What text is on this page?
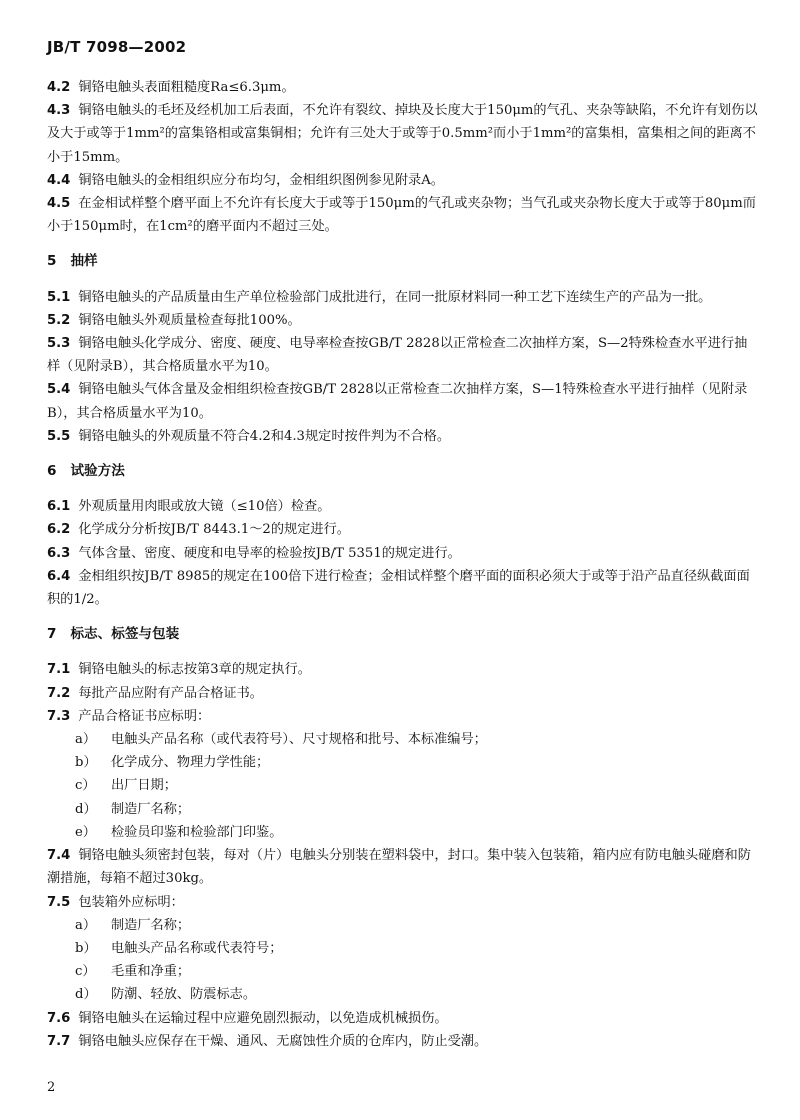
JB/T 7098—2002

4.2 铜铬电触头表面粗糙度Ra≤6.3μm。

4.3 铜铬电触头的毛坯及经机加工后表面，不允许有裂纹、掉块及长度大于150μm的气孔、夹杂等缺陷，不允许有划伤以及大于或等于1mm²的富集铬相或富集铜相；允许有三处大于或等于0.5mm²而小于1mm²的富集相，富集相之间的距离不小于15mm。

4.4 铜铬电触头的金相组织应分布均匀，金相组织图例参见附录A。

4.5 在金相试样整个磨平面上不允许有长度大于或等于150μm的气孔或夹杂物；当气孔或夹杂物长度大于或等于80μm而小于150μm时，在1cm²的磨平面内不超过三处。

5 抽样

5.1 铜铬电触头的产品质量由生产单位检验部门成批进行，在同一批原材料同一种工艺下连续生产的产品为一批。

5.2 铜铬电触头外观质量检查每批100%。

5.3 铜铬电触头化学成分、密度、硬度、电导率检查按GB/T 2828以正常检查二次抽样方案，S—2特殊检查水平进行抽样（见附录B），其合格质量水平为10。

5.4 铜铬电触头气体含量及金相组织检查按GB/T 2828以正常检查二次抽样方案，S—1特殊检查水平进行抽样（见附录B），其合格质量水平为10。

5.5 铜铬电触头的外观质量不符合4.2和4.3规定时按件判为不合格。

6 试验方法

6.1 外观质量用肉眼或放大镜（≤10倍）检查。

6.2 化学成分分析按JB/T 8443.1～2的规定进行。

6.3 气体含量、密度、硬度和电导率的检验按JB/T 5351的规定进行。

6.4 金相组织按JB/T 8985的规定在100倍下进行检查；金相试样整个磨平面的面积必须大于或等于沿产品直径纵截面面积的1/2。

7 标志、标签与包装

7.1 铜铬电触头的标志按第3章的规定执行。

7.2 每批产品应附有产品合格证书。

7.3 产品合格证书应标明：

a） 电触头产品名称（或代表符号）、尺寸规格和批号、本标准编号；

b） 化学成分、物理力学性能；

c） 出厂日期；

d） 制造厂名称；

e） 检验员印鉴和检验部门印鉴。

7.4 铜铬电触头须密封包装，每对（片）电触头分别装在塑料袋中，封口。集中装入包装箱，箱内应有防电触头碰磨和防潮措施，每箱不超过30kg。

7.5 包装箱外应标明：

a） 制造厂名称；

b） 电触头产品名称或代表符号；

c） 毛重和净重；

d） 防潮、轻放、防震标志。

7.6 铜铬电触头在运输过程中应避免剧烈振动，以免造成机械损伤。

7.7 铜铬电触头应保存在干燥、通风、无腐蚀性介质的仓库内，防止受潮。

2
